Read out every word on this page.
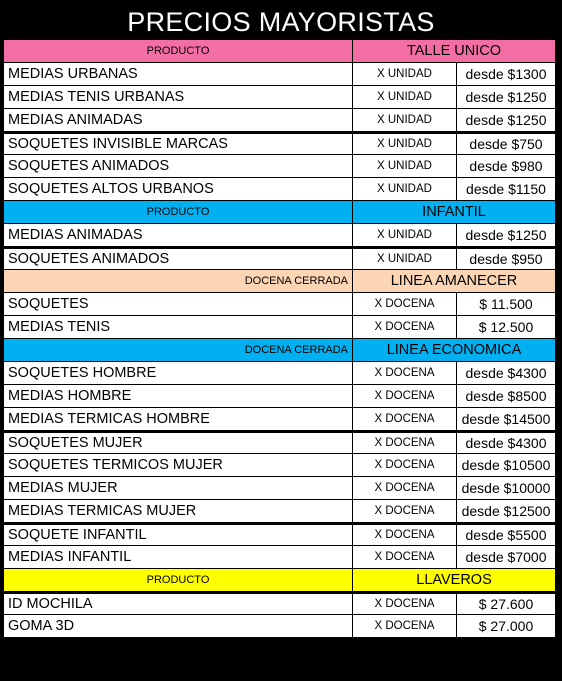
PRECIOS MAYORISTAS
PRODUCTO	TALLE UNICO
MEDIAS URBANAS	X UNIDAD	desde $1300
MEDIAS TENIS URBANAS	X UNIDAD	desde $1250
MEDIAS ANIMADAS	X UNIDAD	desde $1250
SOQUETES INVISIBLE MARCAS	X UNIDAD	desde $750
SOQUETES ANIMADOS	X UNIDAD	desde $980
SOQUETES ALTOS URBANOS	X UNIDAD	desde $1150
PRODUCTO	INFANTIL
MEDIAS ANIMADAS	X UNIDAD	desde $1250
SOQUETES ANIMADOS	X UNIDAD	desde $950
DOCENA CERRADA	LINEA AMANECER
SOQUETES	X DOCENA	$ 11.500
MEDIAS TENIS	X DOCENA	$ 12.500
DOCENA CERRADA	LINEA ECONOMICA
SOQUETES HOMBRE	X DOCENA	desde $4300
MEDIAS HOMBRE	X DOCENA	desde $8500
MEDIAS TERMICAS HOMBRE	X DOCENA	desde $14500
SOQUETES MUJER	X DOCENA	desde $4300
SOQUETES TERMICOS MUJER	X DOCENA	desde $10500
MEDIAS MUJER	X DOCENA	desde $10000
MEDIAS TERMICAS MUJER	X DOCENA	desde $12500
SOQUETE INFANTIL	X DOCENA	desde $5500
MEDIAS INFANTIL	X DOCENA	desde $7000
PRODUCTO	LLAVEROS
ID MOCHILA	X DOCENA	$ 27.600
GOMA 3D	X DOCENA	$ 27.000
